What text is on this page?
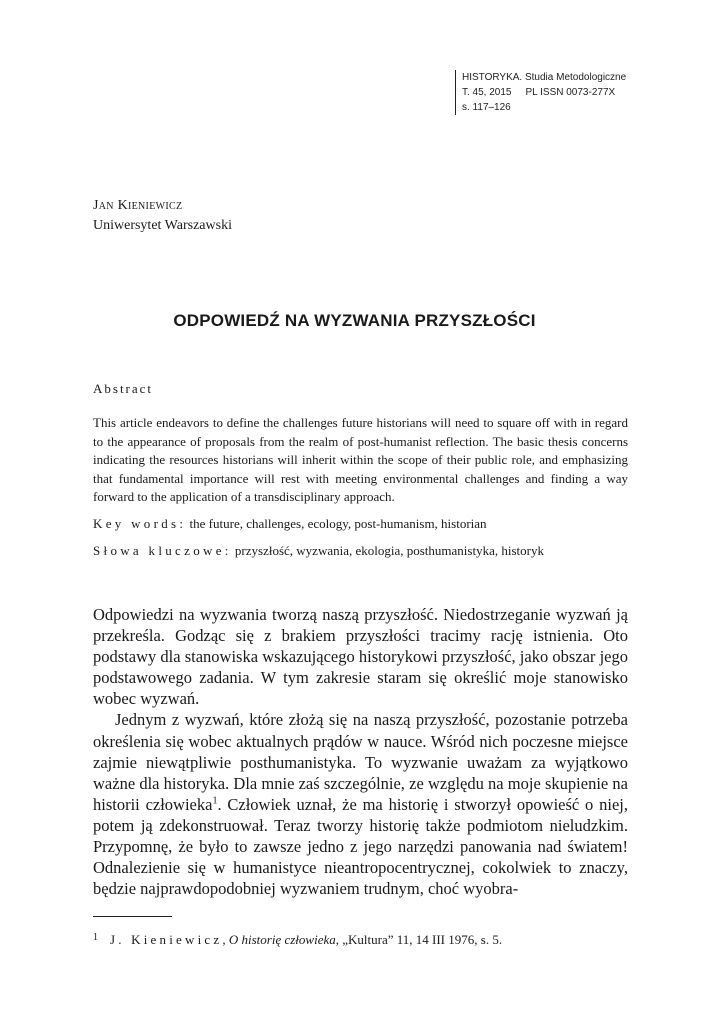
HISTORYKA. Studia Metodologiczne
T. 45, 2015 PL ISSN 0073-277X
s. 117–126
Jan Kieniewicz
Uniwersytet Warszawski
ODPOWIEDŹ NA WYZWANIA PRZYSZŁOŚCI
Abstract
This article endeavors to define the challenges future historians will need to square off with in regard to the appearance of proposals from the realm of post-humanist reflection. The basic thesis concerns indicating the resources historians will inherit within the scope of their public role, and emphasizing that fundamental importance will rest with meeting environmental challenges and finding a way forward to the application of a transdisciplinary approach.
Key words: the future, challenges, ecology, post-humanism, historian
Słowa kluczowe: przyszłość, wyzwania, ekologia, posthumanistyka, historyk

Odpowiedzi na wyzwania tworzą naszą przyszłość. Niedostrzeganie wyzwań ją przekreśla. Godząc się z brakiem przyszłości tracimy rację istnienia. Oto podstawy dla stanowiska wskazującego historykowi przyszłość, jako obszar jego podstawowego zadania. W tym zakresie staram się określić moje stanowisko wobec wyzwań.

Jednym z wyzwań, które złożą się na naszą przyszłość, pozostanie potrzeba określenia się wobec aktualnych prądów w nauce. Wśród nich poczesne miejsce zajmie niewątpliwie posthumanistyka. To wyzwanie uważam za wyjątkowo ważne dla historyka. Dla mnie zaś szczególnie, ze względu na moje skupienie na historii człowieka$^1$. Człowiek uznał, że ma historię i stworzył opowieść o niej, potem ją zdekonstruował. Teraz tworzy historię także podmiotom nieludzkim. Przypomnę, że było to zawsze jedno z jego narzędzi panowania nad światem! Odnalezienie się w humanistyce nieantropocentrycznej, cokolwiek to znaczy, będzie najprawdopodobniej wyzwaniem trudnym, choć wyobra-

$^1$ J. Kieniewicz, O historię człowieka, „Kultura” 11, 14 III 1976, s. 5.
